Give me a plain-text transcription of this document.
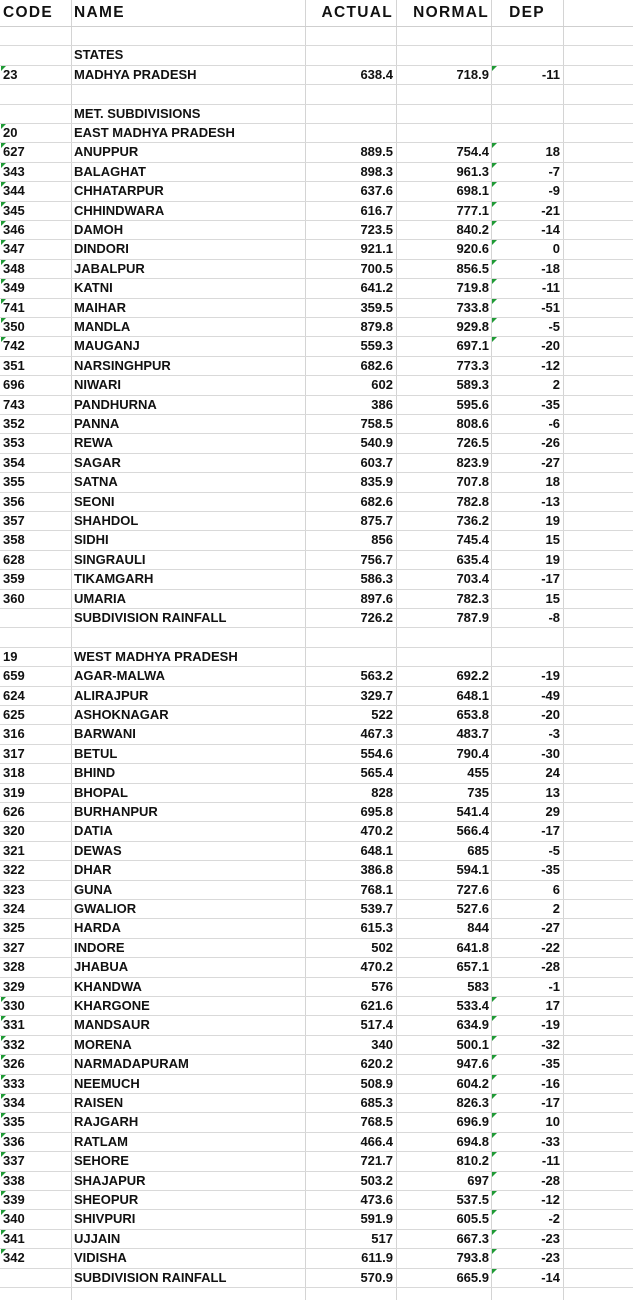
CODE	NAME	ACTUAL	NORMAL	DEP
STATES
23	MADHYA PRADESH	638.4	718.9	-11
MET. SUBDIVISIONS
20	EAST MADHYA PRADESH
627	ANUPPUR	889.5	754.4	18
343	BALAGHAT	898.3	961.3	-7
344	CHHATARPUR	637.6	698.1	-9
345	CHHINDWARA	616.7	777.1	-21
346	DAMOH	723.5	840.2	-14
347	DINDORI	921.1	920.6	0
348	JABALPUR	700.5	856.5	-18
349	KATNI	641.2	719.8	-11
741	MAIHAR	359.5	733.8	-51
350	MANDLA	879.8	929.8	-5
742	MAUGANJ	559.3	697.1	-20
351	NARSINGHPUR	682.6	773.3	-12
696	NIWARI	602	589.3	2
743	PANDHURNA	386	595.6	-35
352	PANNA	758.5	808.6	-6
353	REWA	540.9	726.5	-26
354	SAGAR	603.7	823.9	-27
355	SATNA	835.9	707.8	18
356	SEONI	682.6	782.8	-13
357	SHAHDOL	875.7	736.2	19
358	SIDHI	856	745.4	15
628	SINGRAULI	756.7	635.4	19
359	TIKAMGARH	586.3	703.4	-17
360	UMARIA	897.6	782.3	15
SUBDIVISION RAINFALL	726.2	787.9	-8
19	WEST MADHYA PRADESH
659	AGAR-MALWA	563.2	692.2	-19
624	ALIRAJPUR	329.7	648.1	-49
625	ASHOKNAGAR	522	653.8	-20
316	BARWANI	467.3	483.7	-3
317	BETUL	554.6	790.4	-30
318	BHIND	565.4	455	24
319	BHOPAL	828	735	13
626	BURHANPUR	695.8	541.4	29
320	DATIA	470.2	566.4	-17
321	DEWAS	648.1	685	-5
322	DHAR	386.8	594.1	-35
323	GUNA	768.1	727.6	6
324	GWALIOR	539.7	527.6	2
325	HARDA	615.3	844	-27
327	INDORE	502	641.8	-22
328	JHABUA	470.2	657.1	-28
329	KHANDWA	576	583	-1
330	KHARGONE	621.6	533.4	17
331	MANDSAUR	517.4	634.9	-19
332	MORENA	340	500.1	-32
326	NARMADAPURAM	620.2	947.6	-35
333	NEEMUCH	508.9	604.2	-16
334	RAISEN	685.3	826.3	-17
335	RAJGARH	768.5	696.9	10
336	RATLAM	466.4	694.8	-33
337	SEHORE	721.7	810.2	-11
338	SHAJAPUR	503.2	697	-28
339	SHEOPUR	473.6	537.5	-12
340	SHIVPURI	591.9	605.5	-2
341	UJJAIN	517	667.3	-23
342	VIDISHA	611.9	793.8	-23
SUBDIVISION RAINFALL	570.9	665.9	-14
